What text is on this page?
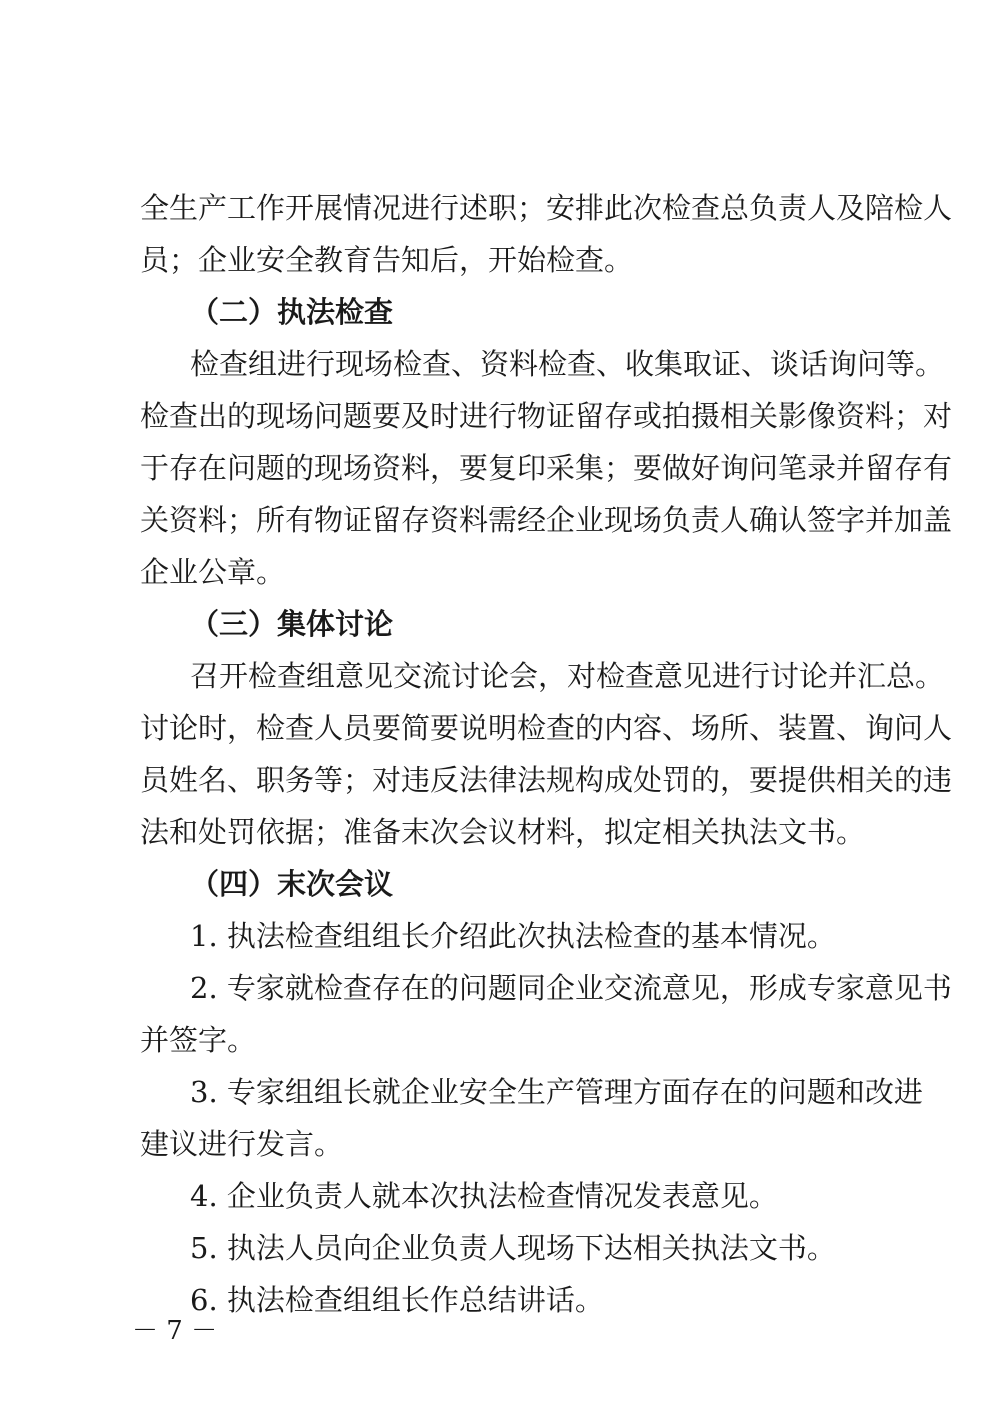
全生产工作开展情况进行述职；安排此次检查总负责人及陪检人
员；企业安全教育告知后，开始检查。
（二）执法检查
检查组进行现场检查、资料检查、收集取证、谈话询问等。
检查出的现场问题要及时进行物证留存或拍摄相关影像资料；对
于存在问题的现场资料，要复印采集；要做好询问笔录并留存有
关资料；所有物证留存资料需经企业现场负责人确认签字并加盖
企业公章。
（三）集体讨论
召开检查组意见交流讨论会，对检查意见进行讨论并汇总。
讨论时，检查人员要简要说明检查的内容、场所、装置、询问人
员姓名、职务等；对违反法律法规构成处罚的，要提供相关的违
法和处罚依据；准备末次会议材料，拟定相关执法文书。
（四）末次会议
1. 执法检查组组长介绍此次执法检查的基本情况。
2. 专家就检查存在的问题同企业交流意见，形成专家意见书
并签字。
3. 专家组组长就企业安全生产管理方面存在的问题和改进
建议进行发言。
4. 企业负责人就本次执法检查情况发表意见。
5. 执法人员向企业负责人现场下达相关执法文书。
6. 执法检查组组长作总结讲话。
－ 7 －
